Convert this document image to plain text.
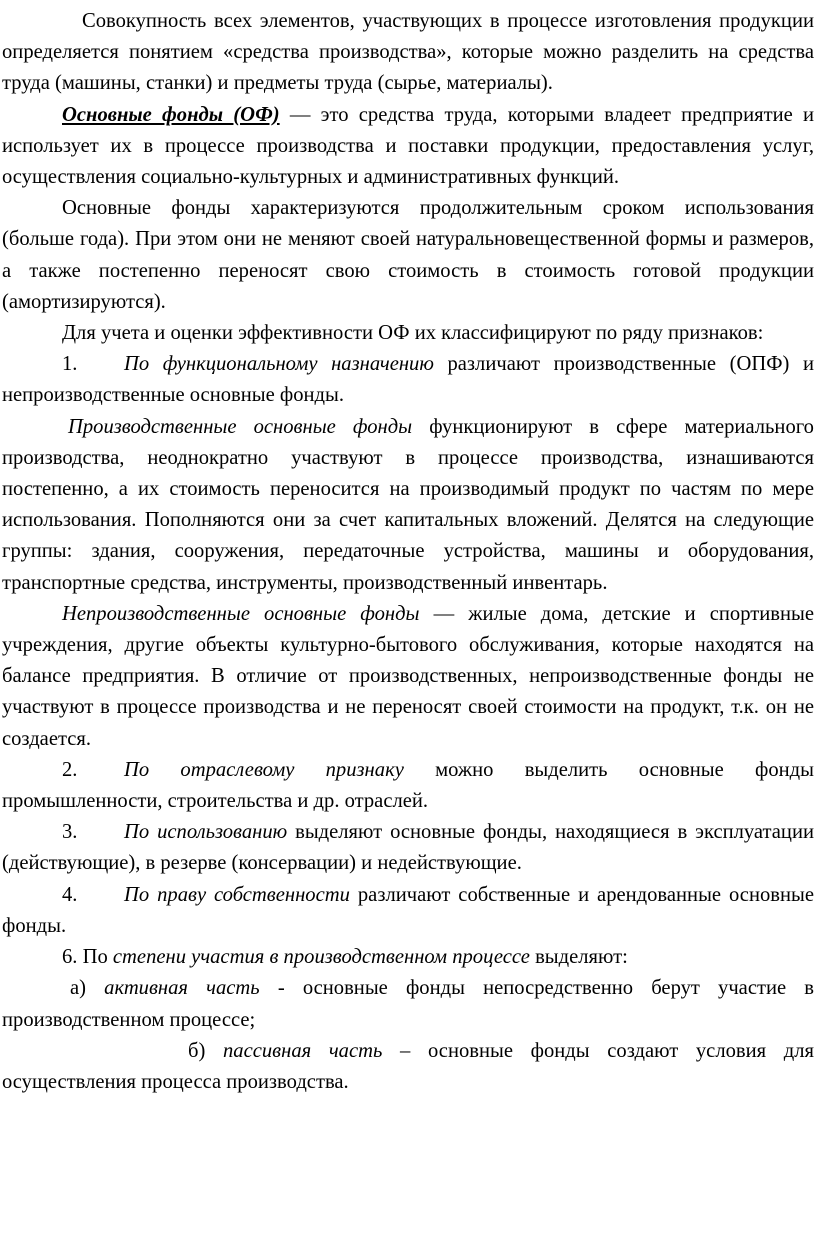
Совокупность всех элементов, участвующих в процессе изготовления продукции определяется понятием «средства производства», которые можно разделить на средства труда (машины, станки) и предметы труда (сырье, материалы).

Основные фонды (ОФ) — это средства труда, которыми владеет предприятие и использует их в процессе производства и поставки продукции, предоставления услуг, осуществления социально-культурных и административных функций.

Основные фонды характеризуются продолжительным сроком использования (больше года). При этом они не меняют своей натуральновещественной формы и размеров, а также постепенно переносят свою стоимость в стоимость готовой продукции (амортизируются).

Для учета и оценки эффективности ОФ их классифицируют по ряду признаков:

1. По функциональному назначению различают производственные (ОПФ) и непроизводственные основные фонды.

Производственные основные фонды функционируют в сфере материального производства, неоднократно участвуют в процессе производства, изнашиваются постепенно, а их стоимость переносится на производимый продукт по частям по мере использования. Пополняются они за счет капитальных вложений. Делятся на следующие группы: здания, сооружения, передаточные устройства, машины и оборудования, транспортные средства, инструменты, производственный инвентарь.

Непроизводственные основные фонды — жилые дома, детские и спортивные учреждения, другие объекты культурно-бытового обслуживания, которые находятся на балансе предприятия. В отличие от производственных, непроизводственные фонды не участвуют в процессе производства и не переносят своей стоимости на продукт, т.к. он не создается.

2. По отраслевому признаку можно выделить основные фонды промышленности, строительства и др. отраслей.

3. По использованию выделяют основные фонды, находящиеся в эксплуатации (действующие), в резерве (консервации) и недействующие.

4. По праву собственности различают собственные и арендованные основные фонды.

6. По степени участия в производственном процессе выделяют:

а) активная часть - основные фонды непосредственно берут участие в производственном процессе;

б) пассивная часть – основные фонды создают условия для осуществления процесса производства.
